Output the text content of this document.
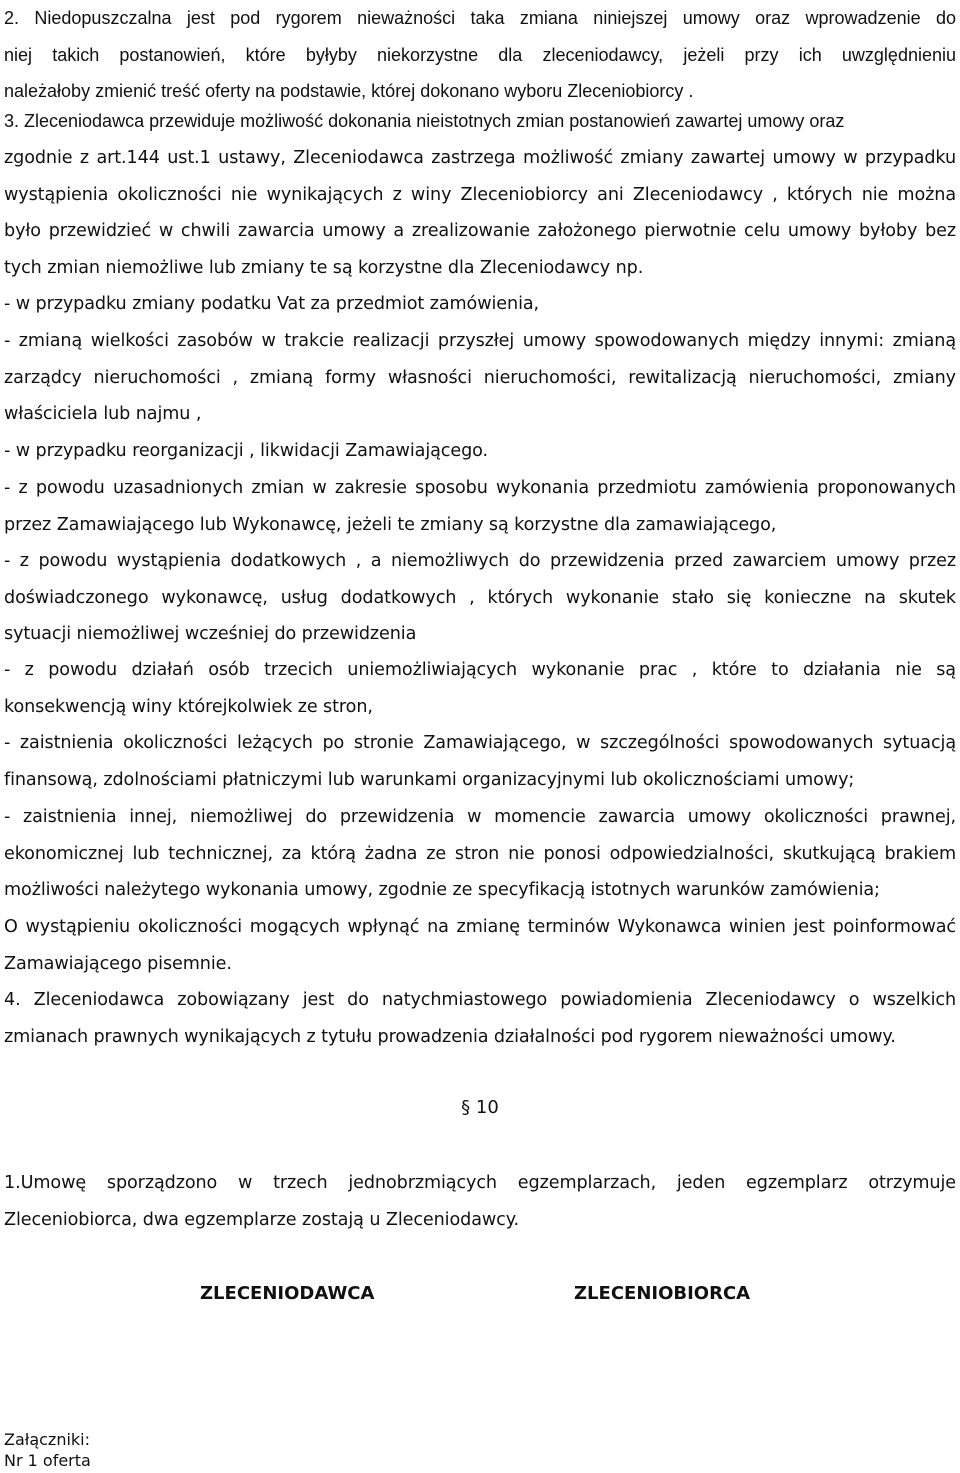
2. Niedopuszczalna jest pod rygorem nieważności taka zmiana niniejszej umowy oraz wprowadzenie do
niej takich postanowień, które byłyby niekorzystne dla zleceniodawcy, jeżeli przy ich uwzględnieniu
należałoby zmienić treść oferty na podstawie, której dokonano wyboru Zleceniobiorcy .
3. Zleceniodawca przewiduje możliwość dokonania nieistotnych zmian postanowień zawartej umowy oraz
zgodnie z art.144 ust.1 ustawy, Zleceniodawca zastrzega możliwość zmiany zawartej umowy w przypadku
wystąpienia okoliczności nie wynikających z winy Zleceniobiorcy ani Zleceniodawcy , których nie można
było przewidzieć w chwili zawarcia umowy a zrealizowanie założonego pierwotnie celu umowy byłoby bez
tych zmian niemożliwe lub zmiany te są korzystne dla Zleceniodawcy np.
- w przypadku zmiany podatku Vat za przedmiot zamówienia,
- zmianą wielkości zasobów w trakcie realizacji przyszłej umowy spowodowanych między innymi: zmianą
zarządcy nieruchomości , zmianą formy własności nieruchomości, rewitalizacją nieruchomości, zmiany
właściciela lub najmu ,
- w przypadku reorganizacji , likwidacji Zamawiającego.
- z powodu uzasadnionych zmian w zakresie sposobu wykonania przedmiotu zamówienia proponowanych
przez Zamawiającego lub Wykonawcę, jeżeli te zmiany są korzystne dla zamawiającego,
- z powodu wystąpienia dodatkowych , a niemożliwych do przewidzenia przed zawarciem umowy przez
doświadczonego wykonawcę, usług dodatkowych , których wykonanie stało się konieczne na skutek
sytuacji niemożliwej wcześniej do przewidzenia
- z powodu działań osób trzecich uniemożliwiających wykonanie prac , które to działania nie są
konsekwencją winy którejkolwiek ze stron,
- zaistnienia okoliczności leżących po stronie Zamawiającego, w szczególności spowodowanych sytuacją
finansową, zdolnościami płatniczymi lub warunkami organizacyjnymi lub okolicznościami umowy;
- zaistnienia innej, niemożliwej do przewidzenia w momencie zawarcia umowy okoliczności prawnej,
ekonomicznej lub technicznej, za którą żadna ze stron nie ponosi odpowiedzialności, skutkującą brakiem
możliwości należytego wykonania umowy, zgodnie ze specyfikacją istotnych warunków zamówienia;
O wystąpieniu okoliczności mogących wpłynąć na zmianę terminów Wykonawca winien jest poinformować
Zamawiającego pisemnie.
4. Zleceniodawca zobowiązany jest do natychmiastowego powiadomienia Zleceniodawcy o wszelkich
zmianach prawnych wynikających z tytułu prowadzenia działalności pod rygorem nieważności umowy.
§ 10
1.Umowę sporządzono w trzech jednobrzmiących egzemplarzach, jeden egzemplarz otrzymuje
Zleceniobiorca, dwa egzemplarze zostają u Zleceniodawcy.
ZLECENIODAWCA	ZLECENIOBIORCA
Załączniki:
Nr 1 oferta
